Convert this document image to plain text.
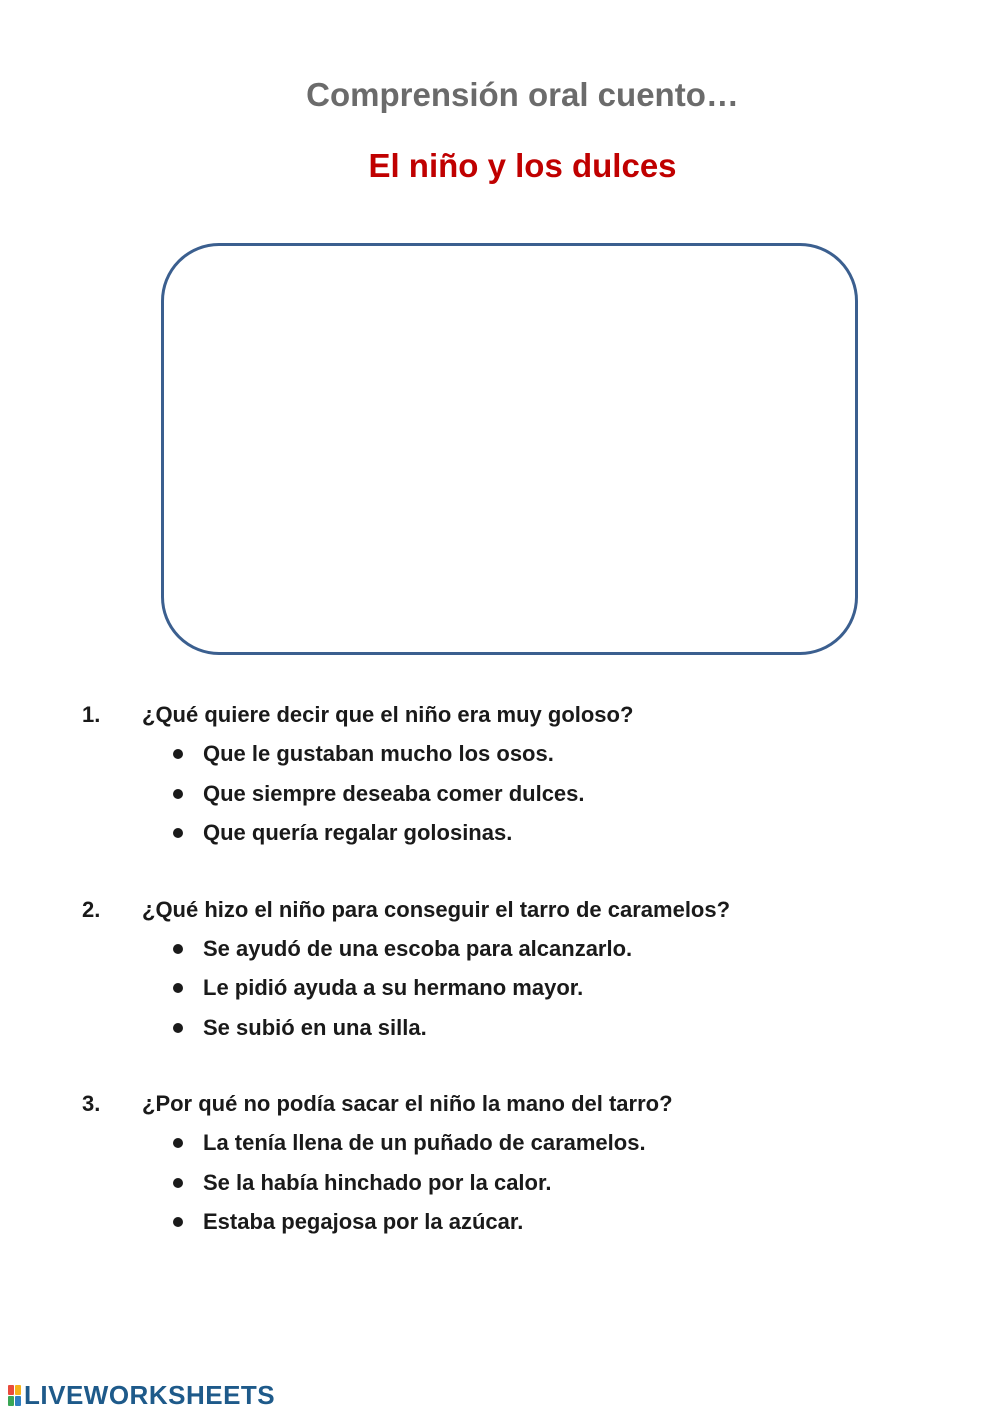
Comprensión oral cuento…
El niño y los dulces
1. ¿Qué quiere decir que el niño era muy goloso?
Que le gustaban mucho los osos.
Que siempre deseaba comer dulces.
Que quería regalar golosinas.
2. ¿Qué hizo el niño para conseguir el tarro de caramelos?
Se ayudó de una escoba para alcanzarlo.
Le pidió ayuda a su hermano mayor.
Se subió en una silla.
3. ¿Por qué no podía sacar el niño la mano del tarro?
La tenía llena de un puñado de caramelos.
Se la había hinchado por la calor.
Estaba pegajosa por la azúcar.
LIVEWORKSHEETS
